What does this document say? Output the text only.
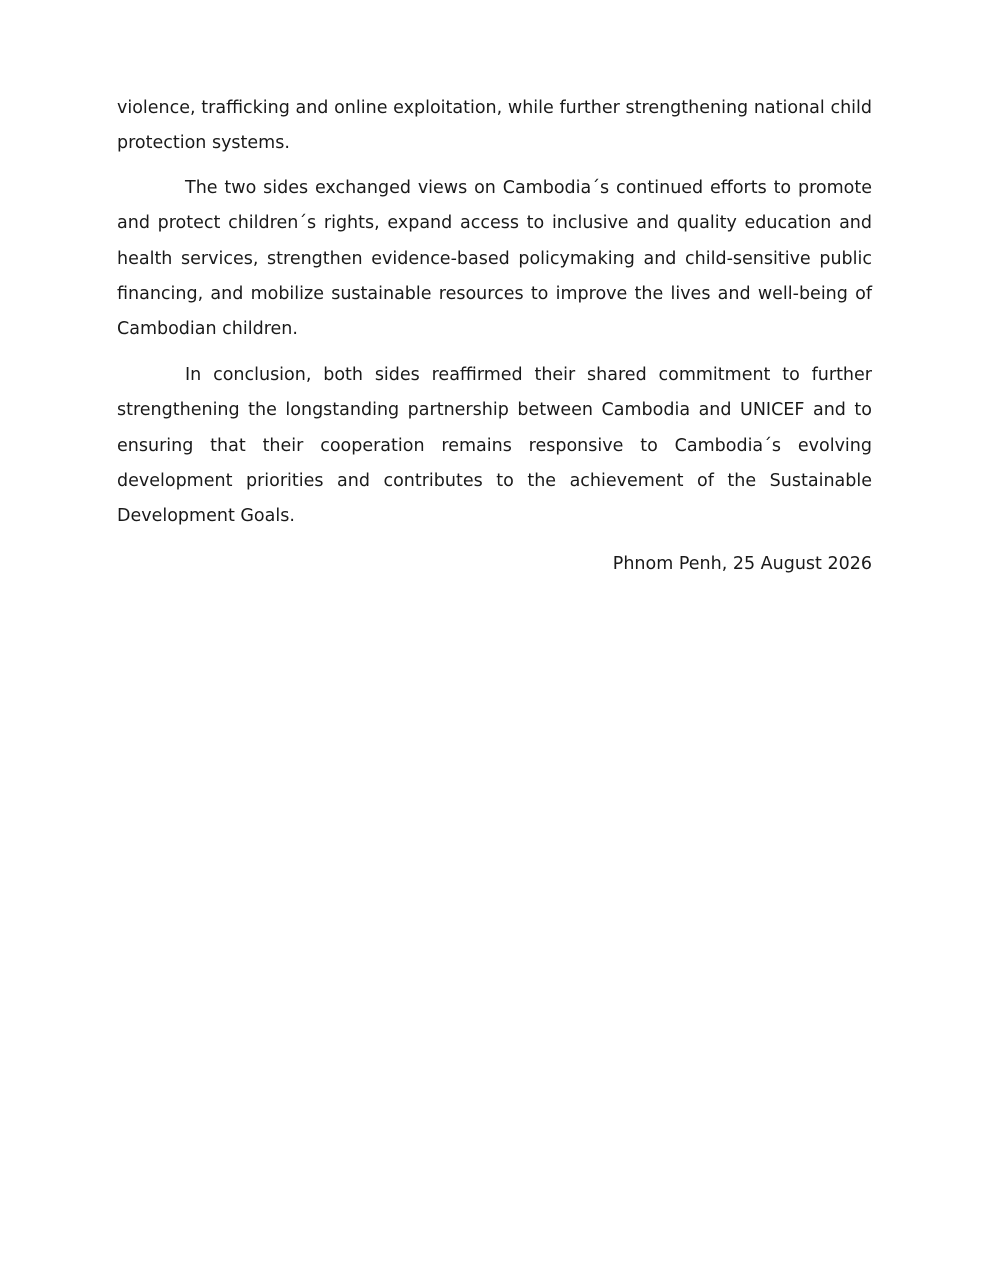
violence, trafficking and online exploitation, while further strengthening national child protection systems.

The two sides exchanged views on Cambodia´s continued efforts to promote and protect children´s rights, expand access to inclusive and quality education and health services, strengthen evidence-based policymaking and child-sensitive public financing, and mobilize sustainable resources to improve the lives and well-being of Cambodian children.

In conclusion, both sides reaffirmed their shared commitment to further strengthening the longstanding partnership between Cambodia and UNICEF and to ensuring that their cooperation remains responsive to Cambodia´s evolving development priorities and contributes to the achievement of the Sustainable Development Goals.

Phnom Penh, 25 August 2026
